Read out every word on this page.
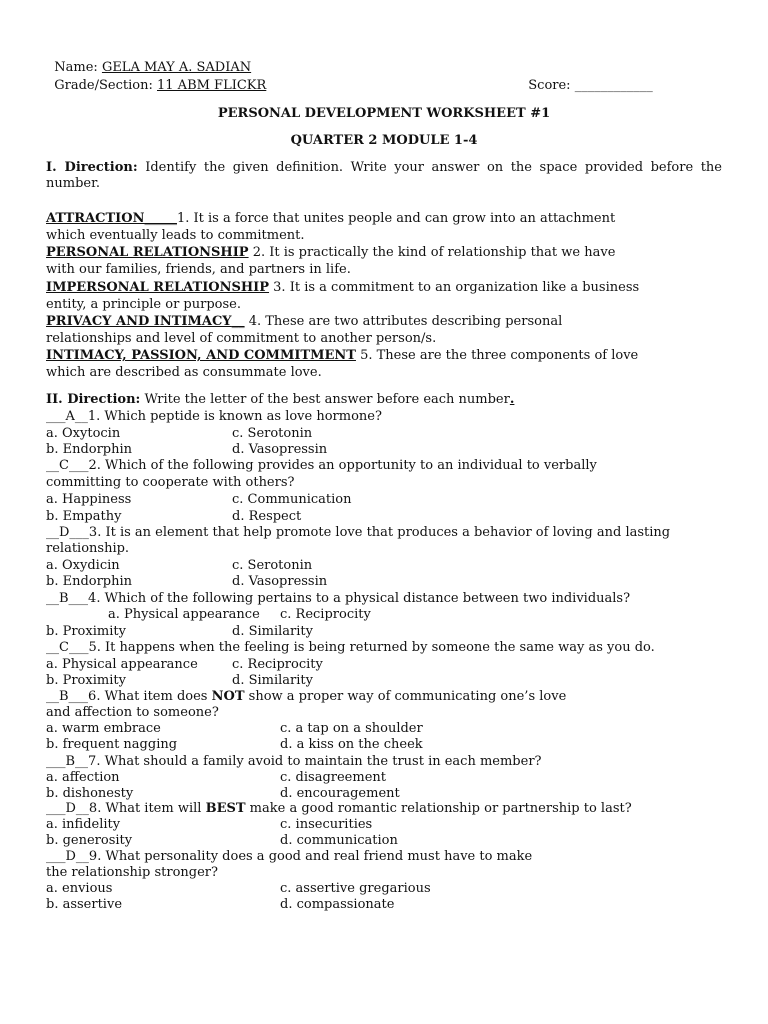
Name: GELA MAY A. SADIAN

Grade/Section: 11 ABM FLICKR	Score: ____________

PERSONAL DEVELOPMENT WORKSHEET #1
QUARTER 2 MODULE 1-4
I. Direction: Identify the given definition. Write your answer on the space provided before the number.
ATTRACTION_____1. It is a force that unites people and can grow into an attachment
which eventually leads to commitment.
PERSONAL RELATIONSHIP 2. It is practically the kind of relationship that we have
with our families, friends, and partners in life.
IMPERSONAL RELATIONSHIP 3. It is a commitment to an organization like a business
entity, a principle or purpose.
PRIVACY AND INTIMACY__ 4. These are two attributes describing personal
relationships and level of commitment to another person/s.
INTIMACY, PASSION, AND COMMITMENT 5. These are the three components of love
which are described as consummate love.
II. Direction: Write the letter of the best answer before each number.
___A__1. Which peptide is known as love hormone?
a. Oxytocin	c. Serotonin
b. Endorphin	d. Vasopressin
__C___2. Which of the following provides an opportunity to an individual to verbally
committing to cooperate with others?
a. Happiness	c. Communication
b. Empathy	d. Respect
__D___3. It is an element that help promote love that produces a behavior of loving and lasting
relationship.
a. Oxydicin	c. Serotonin
b. Endorphin	d. Vasopressin
__B___4. Which of the following pertains to a physical distance between two individuals?
a. Physical appearance c. Reciprocity
b. Proximity	d. Similarity
__C___5. It happens when the feeling is being returned by someone the same way as you do.
a. Physical appearance	c. Reciprocity
b. Proximity	d. Similarity
__B___6. What item does NOT show a proper way of communicating one’s love
and affection to someone?
a. warm embrace	c. a tap on a shoulder
b. frequent nagging	d. a kiss on the cheek
___B__7. What should a family avoid to maintain the trust in each member?
a. affection	c. disagreement
b. dishonesty	d. encouragement
___D__8. What item will BEST make a good romantic relationship or partnership to last?
a. infidelity	c. insecurities
b. generosity	d. communication
___D__9. What personality does a good and real friend must have to make
the relationship stronger?
a. envious	c. assertive gregarious
b. assertive	d. compassionate
